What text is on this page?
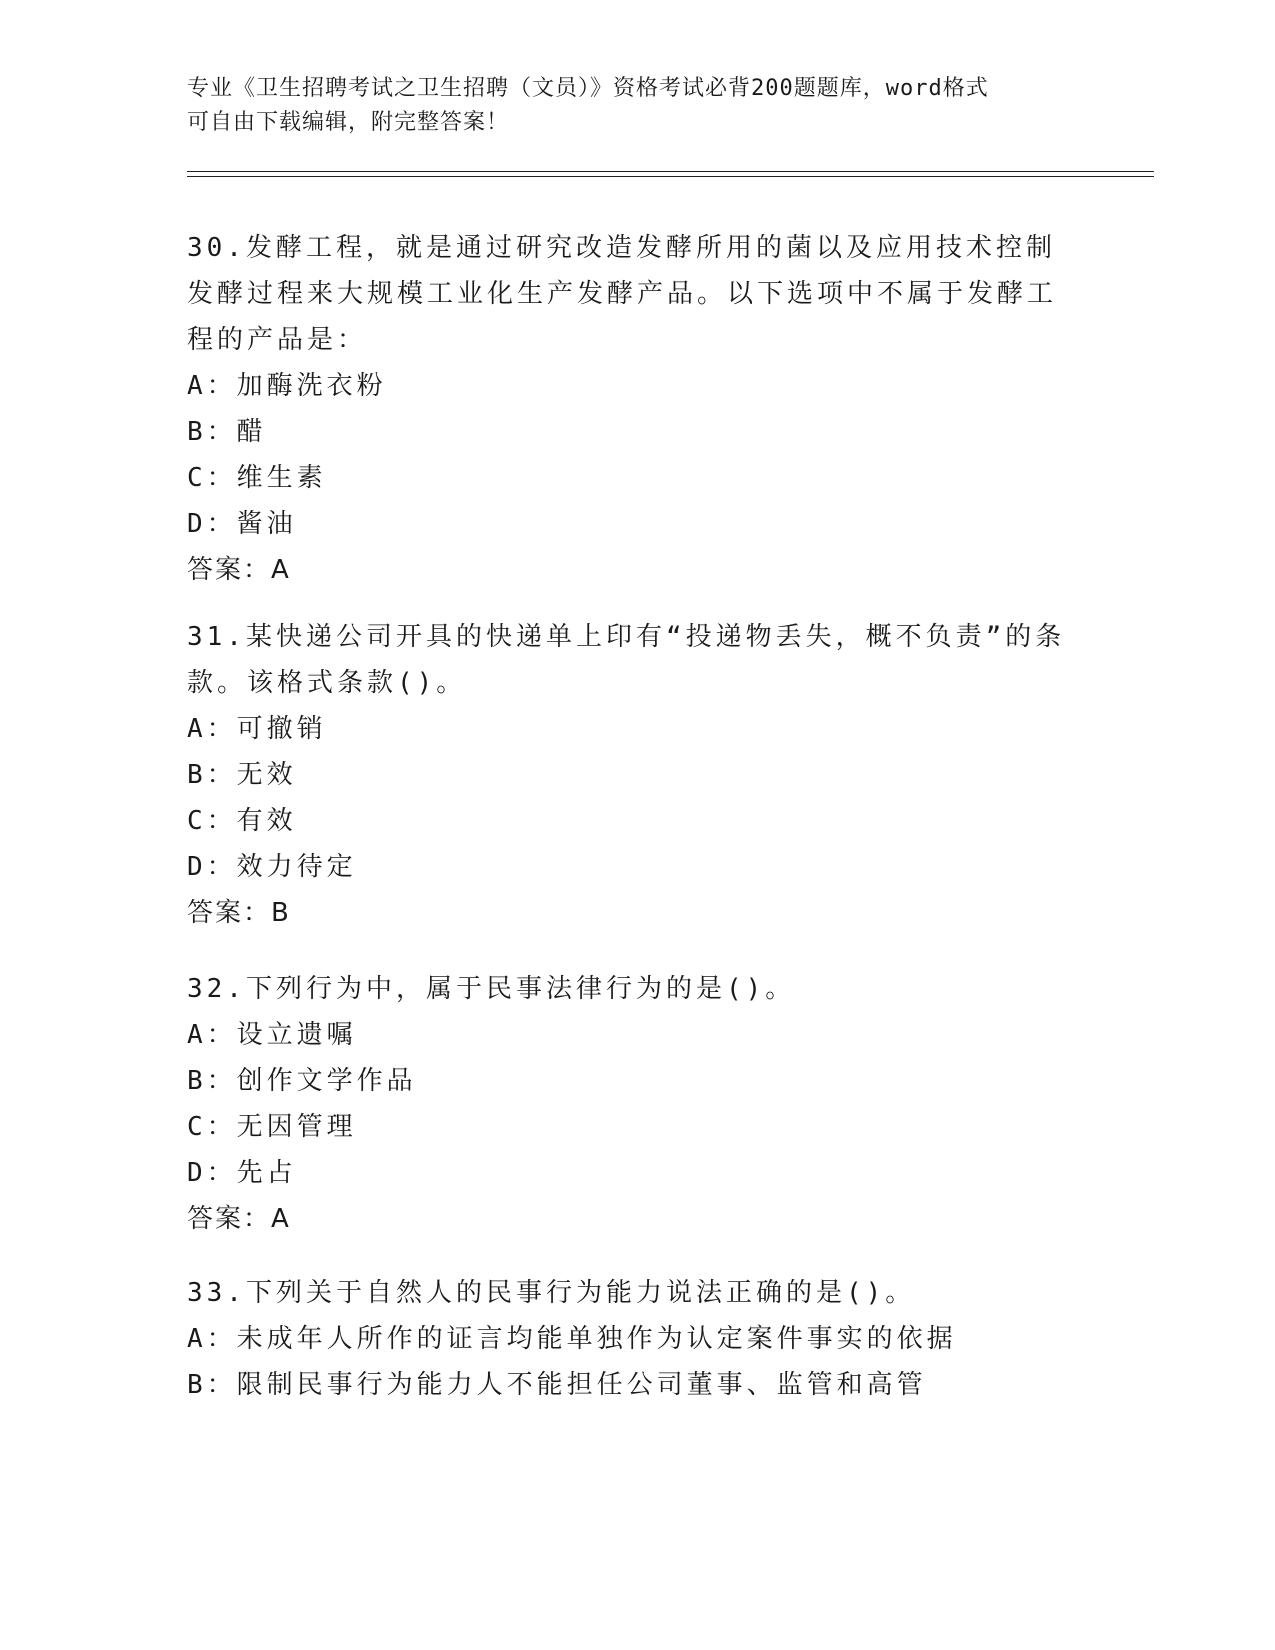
专业《卫生招聘考试之卫生招聘（文员）》资格考试必背200题题库，word格式
可自由下载编辑，附完整答案！
30.发酵工程，就是通过研究改造发酵所用的菌以及应用技术控制发酵过程来大规模工业化生产发酵产品。以下选项中不属于发酵工程的产品是：
A：加酶洗衣粉
B：醋
C：维生素
D：酱油
答案：A
31.某快递公司开具的快递单上印有“投递物丢失，概不负责”的条款。该格式条款()。
A：可撤销
B：无效
C：有效
D：效力待定
答案：B
32.下列行为中，属于民事法律行为的是()。
A：设立遗嘱
B：创作文学作品
C：无因管理
D：先占
答案：A
33.下列关于自然人的民事行为能力说法正确的是()。
A：未成年人所作的证言均能单独作为认定案件事实的依据
B：限制民事行为能力人不能担任公司董事、监管和高管
